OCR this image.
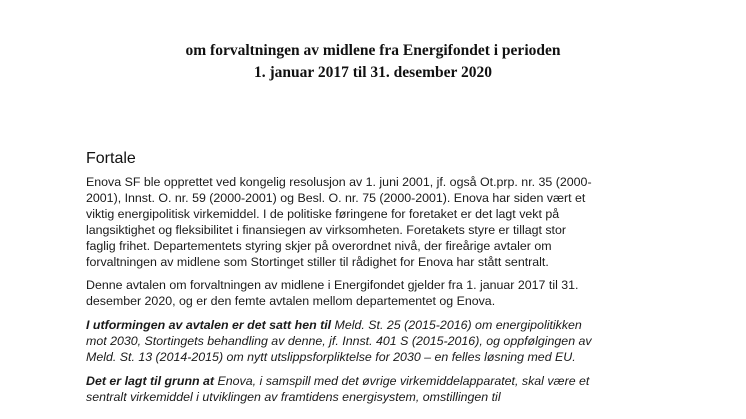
om forvaltningen av midlene fra Energifondet i perioden
1. januar 2017 til 31. desember 2020
Fortale
Enova SF ble opprettet ved kongelig resolusjon av 1. juni 2001, jf. også Ot.prp. nr. 35 (2000-
2001), Innst. O. nr. 59 (2000-2001) og Besl. O. nr. 75 (2000-2001). Enova har siden vært et
viktig energipolitisk virkemiddel. I de politiske føringene for foretaket er det lagt vekt på
langsiktighet og fleksibilitet i finansiegen av virksomheten. Foretakets styre er tillagt stor
faglig frihet. Departementets styring skjer på overordnet nivå, der fireårige avtaler om
forvaltningen av midlene som Stortinget stiller til rådighet for Enova har stått sentralt.
Denne avtalen om forvaltningen av midlene i Energifondet gjelder fra 1. januar 2017 til 31.
desember 2020, og er den femte avtalen mellom departementet og Enova.
I utformingen av avtalen er det satt hen til Meld. St. 25 (2015-2016) om energipolitikken
mot 2030, Stortingets behandling av denne, jf. Innst. 401 S (2015-2016), og oppfølgingen av
Meld. St. 13 (2014-2015) om nytt utslippsforpliktelse for 2030 – en felles løsning med EU.
Det er lagt til grunn at Enova, i samspill med det øvrige virkemiddelapparatet, skal være et
sentralt virkemiddel i utviklingen av framtidens energisystem, omstillingen til
